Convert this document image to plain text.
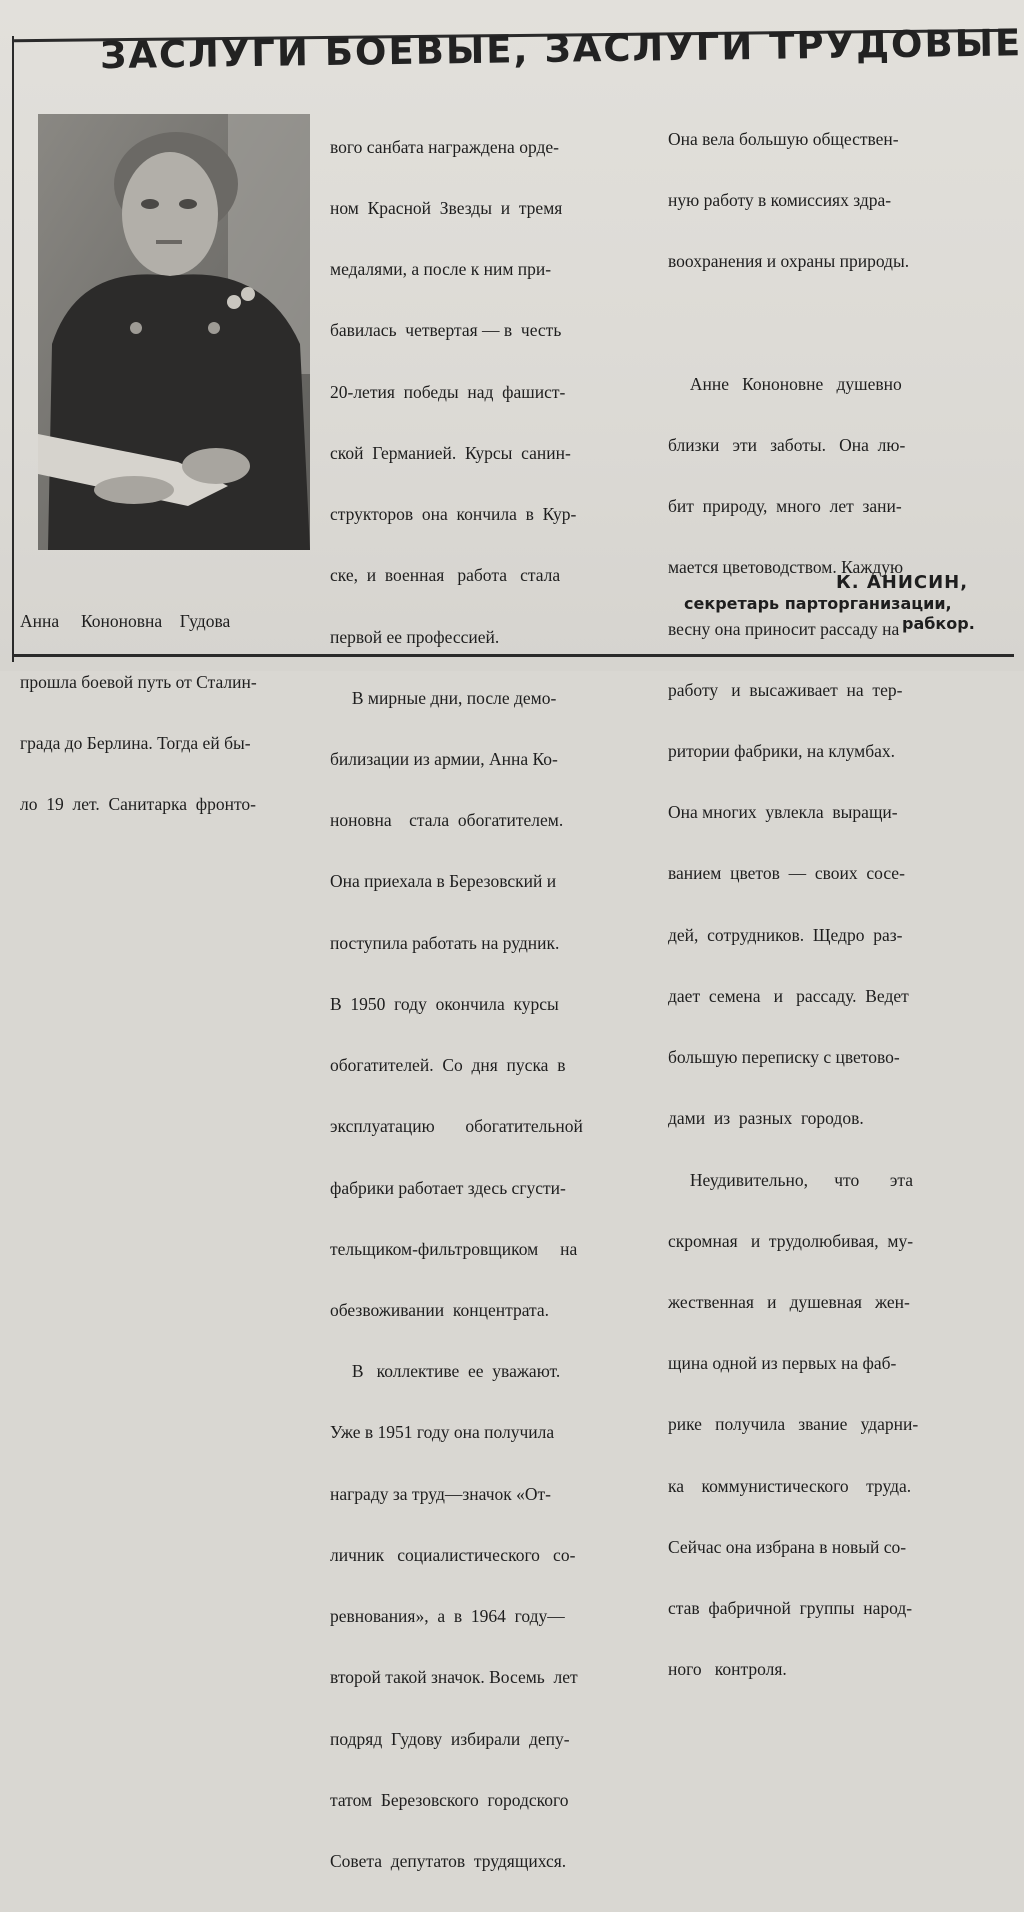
ЗАСЛУГИ БОЕВЫЕ, ЗАСЛУГИ ТРУДОВЫЕ

вого санбата награждена орде-

ном  Красной  Звезды  и  тремя

медалями, а после к ним при-

бавилась  четвертая — в  честь

20-летия  победы  над  фашист-

ской  Германией.  Курсы  санин-

структоров  она  кончила  в  Кур-

ске,  и  военная   работа   стала

первой ее профессией.

В мирные дни, после демо-

билизации из армии, Анна Ко-

ноновна    стала  обогатителем.

Она приехала в Березовский и

поступила работать на рудник.

В  1950  году  окончила  курсы

обогатителей.  Со  дня  пуска  в

эксплуатацию       обогатительной

фабрики работает здесь сгусти-

тельщиком-фильтровщиком     на

обезвоживании  концентрата.

В   коллективе  ее  уважают.

Уже в 1951 году она получила

награду за труд—значок «От-

личник   социалистического   со-

ревнования»,  а  в  1964  году—

второй такой значок. Восемь  лет

подряд  Гудову  избирали  депу-

татом  Березовского  городского

Совета  депутатов  трудящихся.

Она вела большую обществен-

ную работу в комиссиях здра-

воохранения и охраны природы.

Анне   Кононовне   душевно

близки   эти   заботы.   Она  лю-

бит  природу,  много  лет  зани-

мается цветоводством. Каждую

весну она приносит рассаду на

работу   и  высаживает  на  тер-

ритории фабрики, на клумбах.

Она многих  увлекла  выращи-

ванием  цветов  —  своих  сосе-

дей,  сотрудников.  Щедро  раз-

дает  семена   и   рассаду.  Ведет

большую переписку с цветово-

дами  из  разных  городов.

Неудивительно,      что       эта

скромная   и  трудолюбивая,  му-

жественная   и   душевная   жен-

щина одной из первых на фаб-

рике   получила   звание   ударни-

ка    коммунистического    труда.

Сейчас она избрана в новый со-

став  фабричной  группы  народ-

ного   контроля.

Анна     Кононовна    Гудова

прошла боевой путь от Сталин-

града до Берлина. Тогда ей бы-

ло  19  лет.  Санитарка  фронто-

К. АНИСИН,
секретарь парторганизации,
рабкор.
